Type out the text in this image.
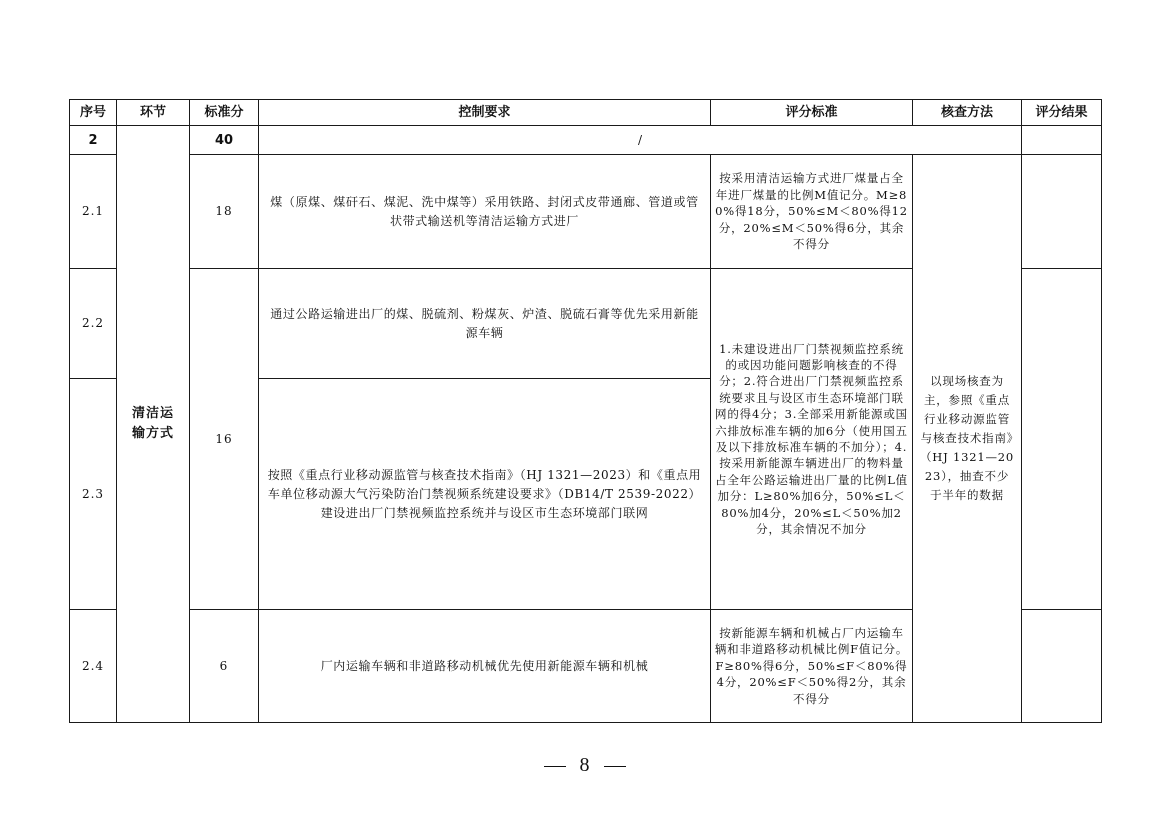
序号	环节	标准分	控制要求	评分标准	核查方法	评分结果
2	清洁运输方式	40	/			
2.1		18	煤（原煤、煤矸石、煤泥、洗中煤等）采用铁路、封闭式皮带通廊、管道或管状带式输送机等清洁运输方式进厂	按采用清洁运输方式进厂煤量占全年进厂煤量的比例M值记分。M≥80%得18分，50%≤M＜80%得12分，20%≤M＜50%得6分，其余不得分	以现场核查为主，参照《重点行业移动源监管与核查技术指南》（HJ 1321—2023），抽查不少于半年的数据	

2.2		16	通过公路运输进出厂的煤、脱硫剂、粉煤灰、炉渣、脱硫石膏等优先采用新能源车辆	1.未建设进出厂门禁视频监控系统的或因功能问题影响核查的不得分；2.符合进出厂门禁视频监控系统要求且与设区市生态环境部门联网的得4分；3.全部采用新能源或国六排放标准车辆的加6分（使用国五及以下排放标准车辆的不加分）；4.按采用新能源车辆进出厂的物料量占全年公路运输进出厂量的比例L值加分：L≥80%加6分，50%≤L＜80%加4分，20%≤L＜50%加2分，其余情况不加分		
2.3			按照《重点行业移动源监管与核查技术指南》（HJ 1321—2023）和《重点用车单位移动源大气污染防治门禁视频系统建设要求》（DB14/T 2539-2022）建设进出厂门禁视频监控系统并与设区市生态环境部门联网			
2.4		6	厂内运输车辆和非道路移动机械优先使用新能源车辆和机械	按新能源车辆和机械占厂内运输车辆和非道路移动机械比例F值记分。F≥80%得6分，50%≤F＜80%得4分，20%≤F＜50%得2分，其余不得分		
8
